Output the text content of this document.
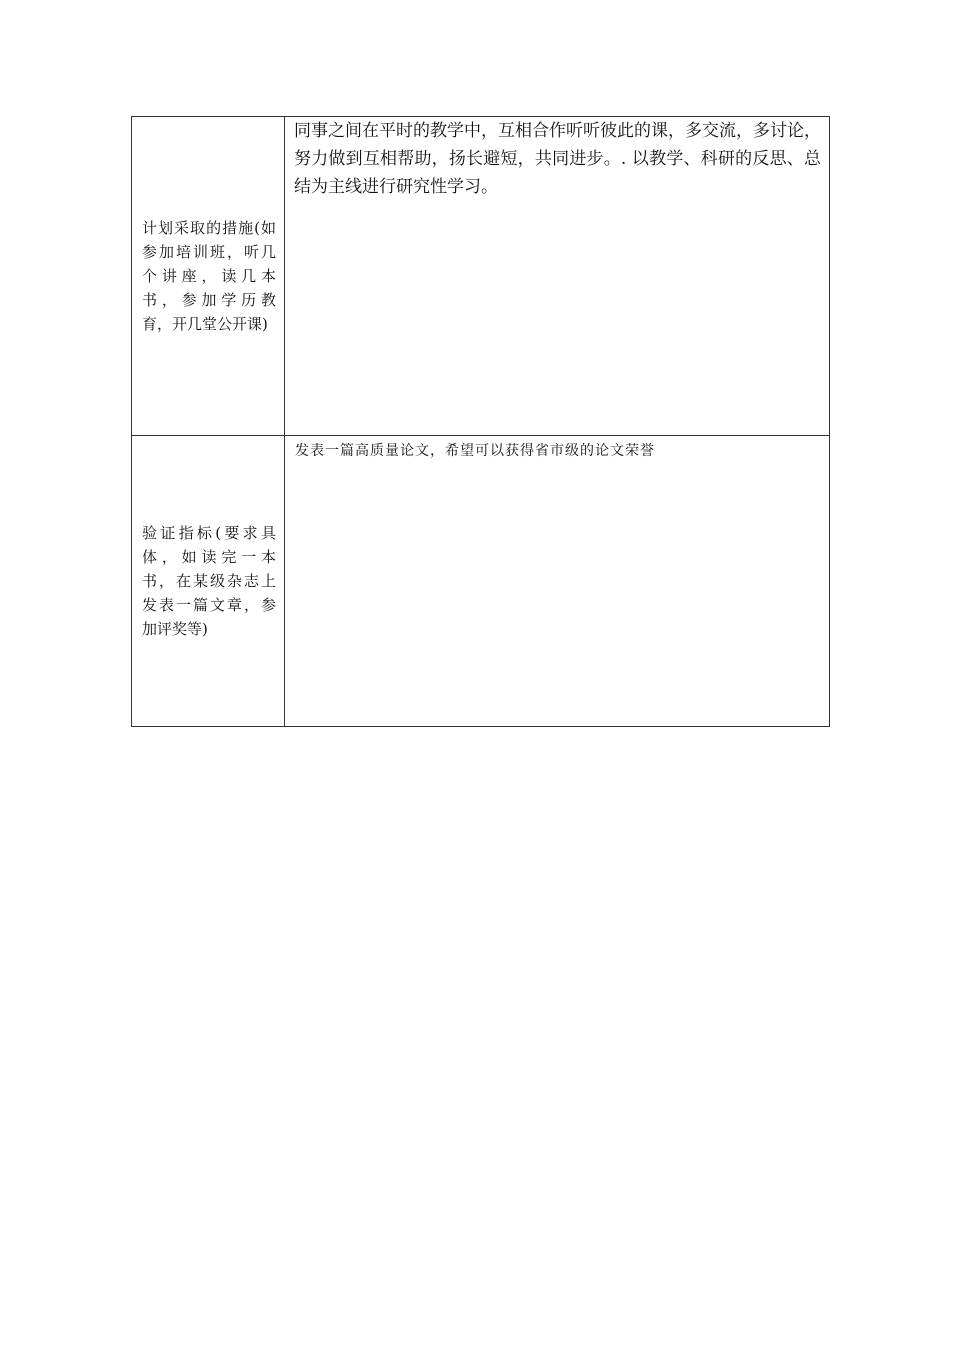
计划采取的措施(如参加培训班，听几个讲座，读几本书，参加学历教育，开几堂公开课)	同事之间在平时的教学中，互相合作听听彼此的课，多交流，多讨论，努力做到互相帮助，扬长避短，共同进步。. 以教学、科研的反思、总结为主线进行研究性学习。

验证指标(要求具体，如读完一本书，在某级杂志上发表一篇文章，参加评奖等)	发表一篇高质量论文，希望可以获得省市级的论文荣誉
